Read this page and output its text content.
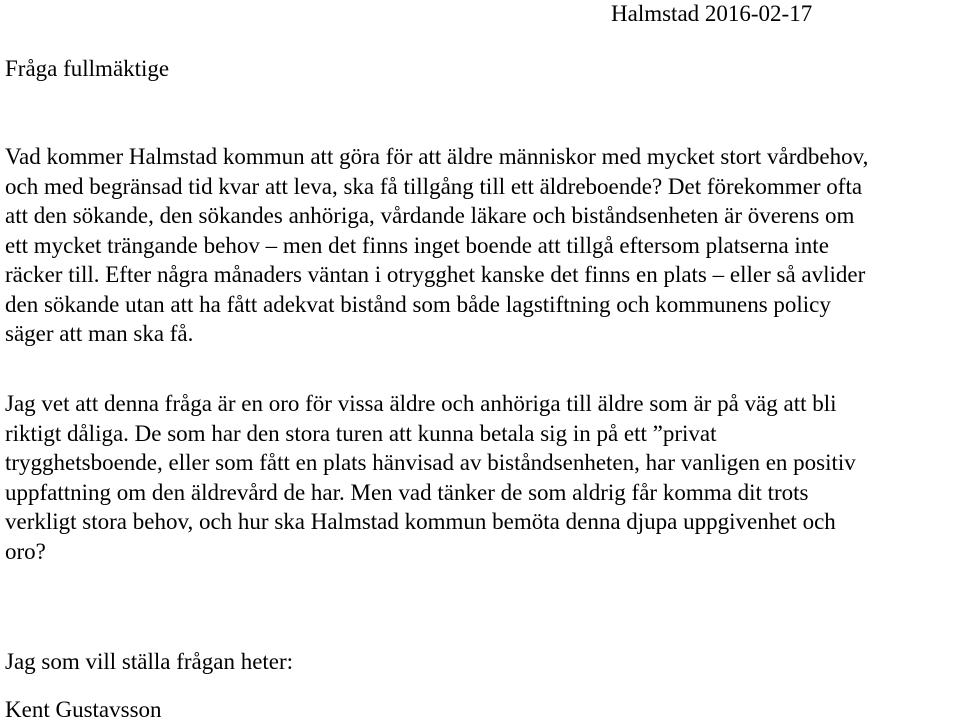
Halmstad 2016-02-17
Fråga fullmäktige
Vad kommer Halmstad kommun att göra för att äldre människor med mycket stort vårdbehov,
och med begränsad tid kvar att leva, ska få tillgång till ett äldreboende? Det förekommer ofta
att den sökande, den sökandes anhöriga, vårdande läkare och biståndsenheten är överens om
ett mycket trängande behov – men det finns inget boende att tillgå eftersom platserna inte
räcker till. Efter några månaders väntan i otrygghet kanske det finns en plats – eller så avlider
den sökande utan att ha fått adekvat bistånd som både lagstiftning och kommunens policy
säger att man ska få.
Jag vet att denna fråga är en oro för vissa äldre och anhöriga till äldre som är på väg att bli
riktigt dåliga. De som har den stora turen att kunna betala sig in på ett ”privat
trygghetsboende, eller som fått en plats hänvisad av biståndsenheten, har vanligen en positiv
uppfattning om den äldrevård de har. Men vad tänker de som aldrig får komma dit trots
verkligt stora behov, och hur ska Halmstad kommun bemöta denna djupa uppgivenhet och
oro?
Jag som vill ställa frågan heter:
Kent Gustavsson
